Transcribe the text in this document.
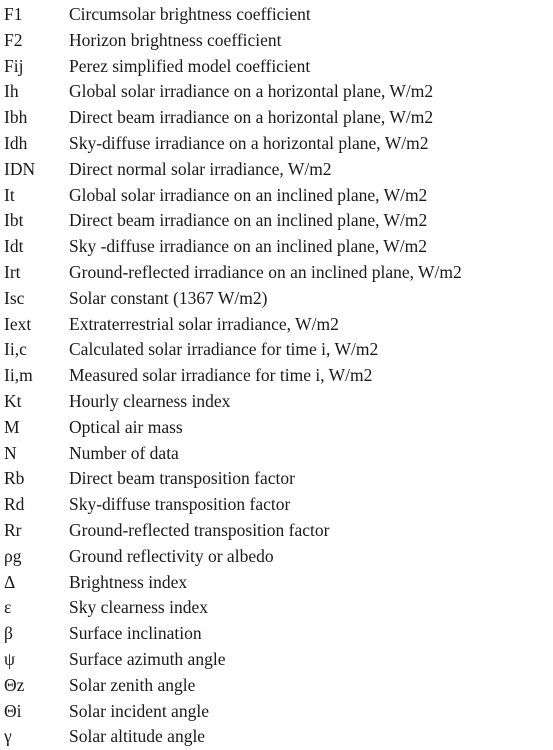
F1	Circumsolar brightness coefficient
F2	Horizon brightness coefficient
Fij	Perez simplified model coefficient
Ih	Global solar irradiance on a horizontal plane, W/m2
Ibh	Direct beam irradiance on a horizontal plane, W/m2
Idh	Sky-diffuse irradiance on a horizontal plane, W/m2
IDN	Direct normal solar irradiance, W/m2
It	Global solar irradiance on an inclined plane, W/m2
Ibt	Direct beam irradiance on an inclined plane, W/m2
Idt	Sky -diffuse irradiance on an inclined plane, W/m2
Irt	Ground-reflected irradiance on an inclined plane, W/m2
Isc	Solar constant (1367 W/m2)
Iext	Extraterrestrial solar irradiance, W/m2
Ii,c	Calculated solar irradiance for time i, W/m2
Ii,m	Measured solar irradiance for time i, W/m2
Kt	Hourly clearness index
M	Optical air mass
N	Number of data
Rb	Direct beam transposition factor
Rd	Sky-diffuse transposition factor
Rr	Ground-reflected transposition factor
ρg	Ground reflectivity or albedo
Δ	Brightness index
ε	Sky clearness index
β	Surface inclination
ψ	Surface azimuth angle
Θz	Solar zenith angle
Θi	Solar incident angle
γ	Solar altitude angle
